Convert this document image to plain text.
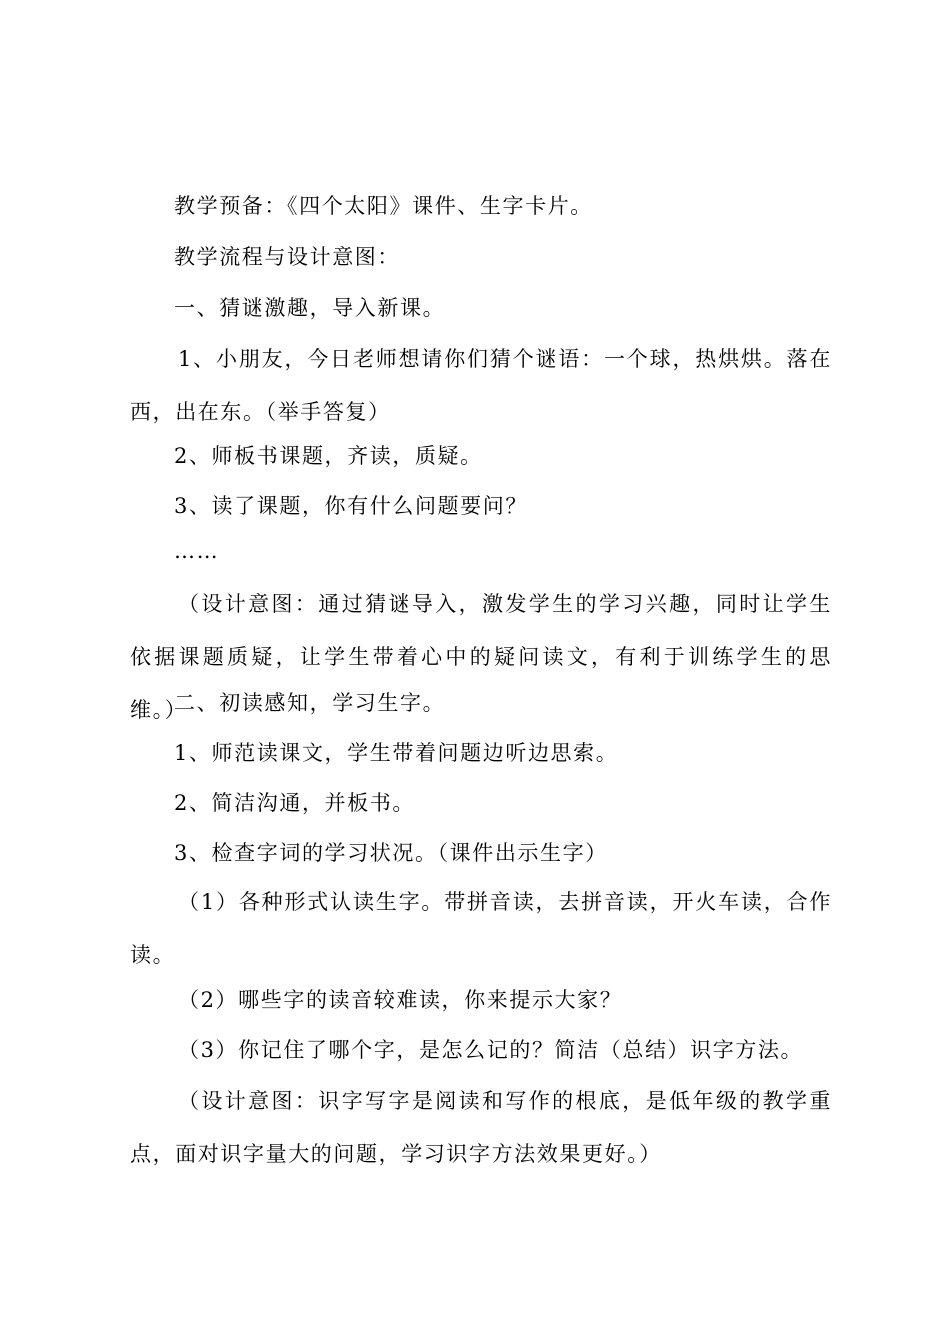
教学预备：《四个太阳》课件、生字卡片。

教学流程与设计意图：

一、猜谜激趣，导入新课。

1、小朋友，今日老师想请你们猜个谜语：一个球，热烘烘。落在西，出在东。（举手答复）

2、师板书课题，齐读，质疑。

3、读了课题，你有什么问题要问？

……

（设计意图：通过猜谜导入，激发学生的学习兴趣，同时让学生依据课题质疑，让学生带着心中的疑问读文，有利于训练学生的思维。）

二、初读感知，学习生字。

1、师范读课文，学生带着问题边听边思索。

2、简洁沟通，并板书。

3、检查字词的学习状况。（课件出示生字）

（1）各种形式认读生字。带拼音读，去拼音读，开火车读，合作读。

（2）哪些字的读音较难读，你来提示大家？

（3）你记住了哪个字，是怎么记的？简洁（总结）识字方法。

（设计意图：识字写字是阅读和写作的根底，是低年级的教学重点，面对识字量大的问题，学习识字方法效果更好。）
